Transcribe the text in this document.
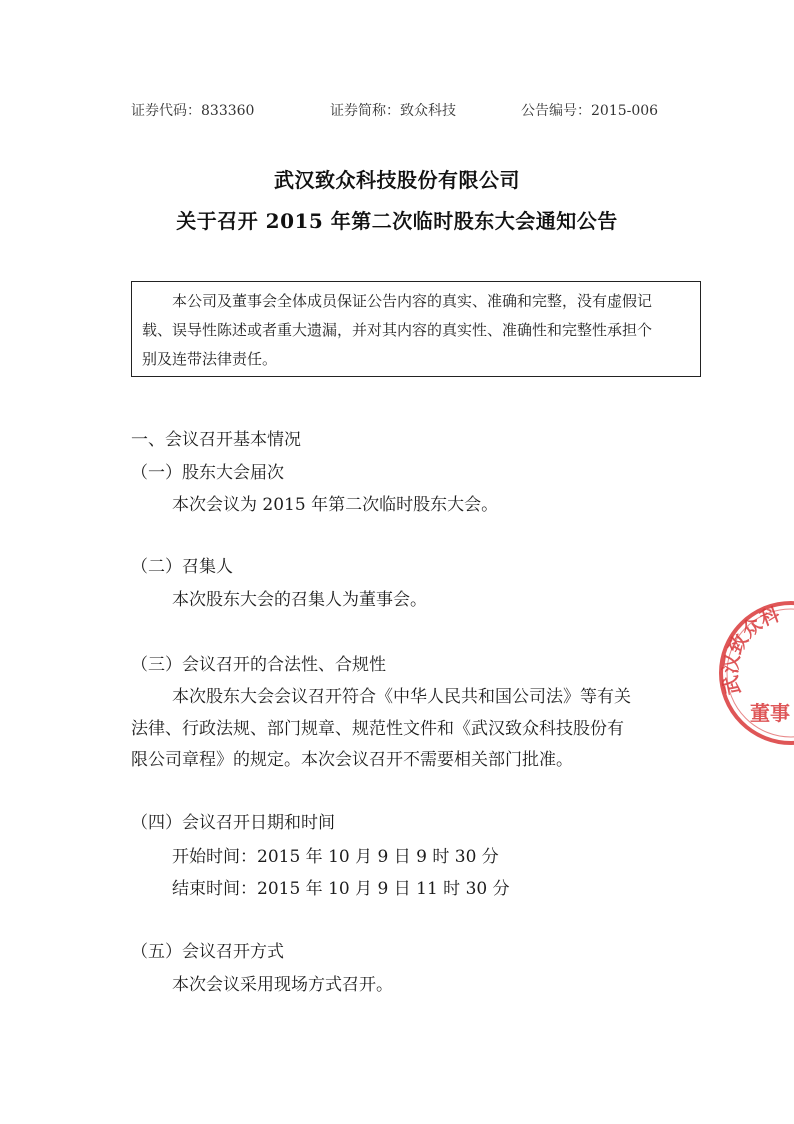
证券代码：833360	证券简称：致众科技	公告编号：2015-006
武汉致众科技股份有限公司
关于召开 2015 年第二次临时股东大会通知公告
本公司及董事会全体成员保证公告内容的真实、准确和完整，没有虚假记
载、误导性陈述或者重大遗漏，并对其内容的真实性、准确性和完整性承担个
别及连带法律责任。
一、会议召开基本情况
（一）股东大会届次
本次会议为 2015 年第二次临时股东大会。
（二）召集人
本次股东大会的召集人为董事会。
（三）会议召开的合法性、合规性
本次股东大会会议召开符合《中华人民共和国公司法》等有关
法律、行政法规、部门规章、规范性文件和《武汉致众科技股份有
限公司章程》的规定。本次会议召开不需要相关部门批准。
（四）会议召开日期和时间
开始时间：2015 年 10 月 9 日 9 时 30 分
结束时间：2015 年 10 月 9 日 11 时 30 分
（五）会议召开方式
本次会议采用现场方式召开。
武汉致众科
董事
